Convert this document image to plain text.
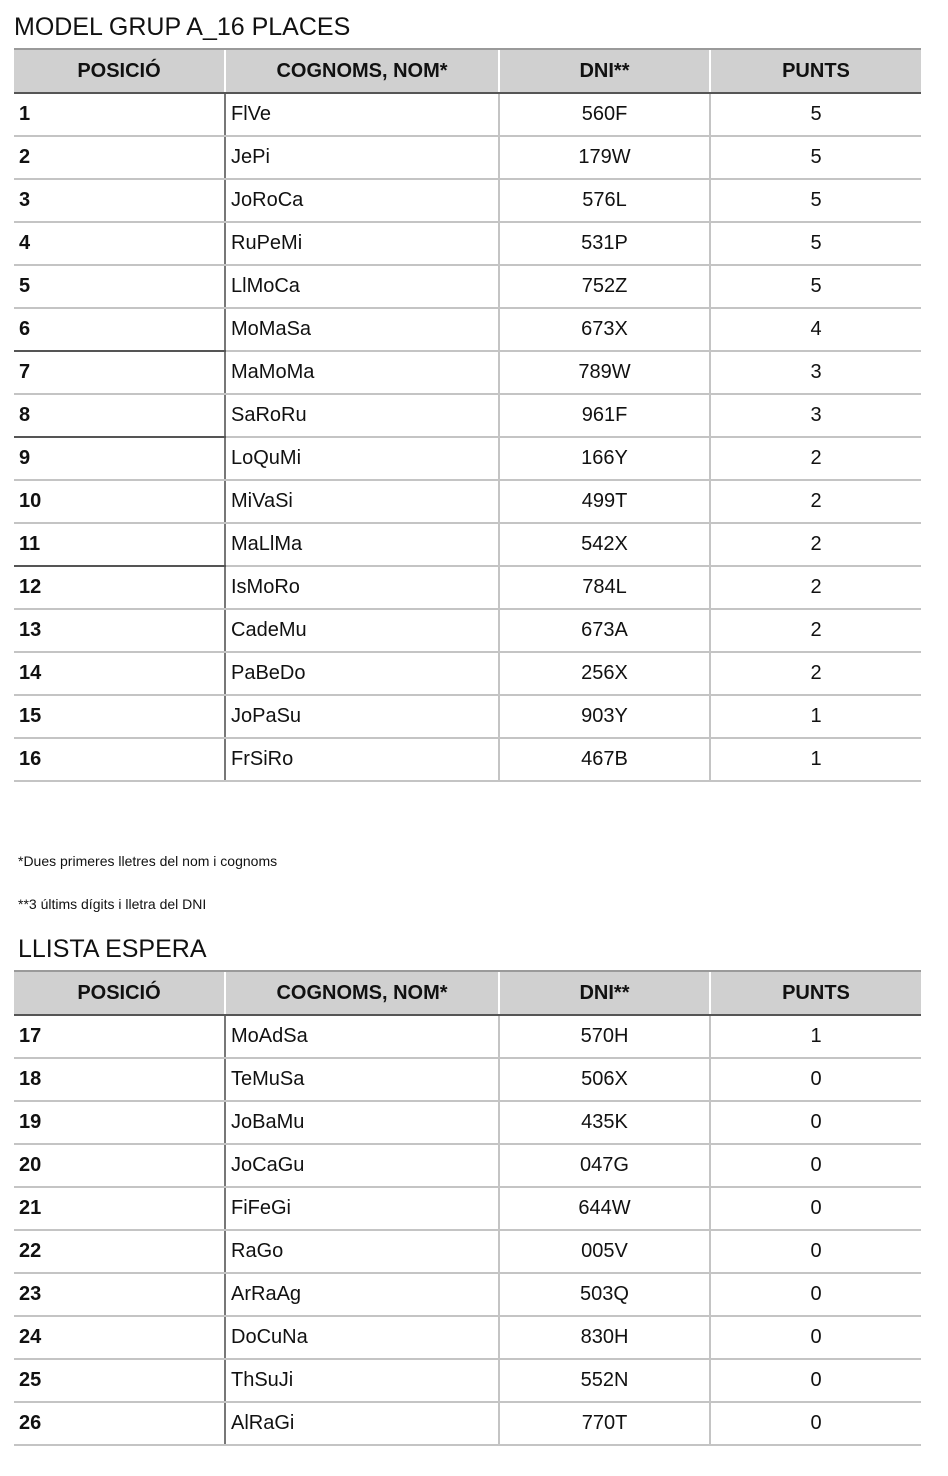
MODEL GRUP A_16 PLACES
POSICIÓ	COGNOMS, NOM*	DNI**	PUNTS
1	FlVe	560F	5
2	JePi	179W	5
3	JoRoCa	576L	5
4	RuPeMi	531P	5
5	LlMoCa	752Z	5
6	MoMaSa	673X	4
7	MaMoMa	789W	3
8	SaRoRu	961F	3
9	LoQuMi	166Y	2
10	MiVaSi	499T	2
11	MaLlMa	542X	2
12	IsMoRo	784L	2
13	CadeMu	673A	2
14	PaBeDo	256X	2
15	JoPaSu	903Y	1
16	FrSiRo	467B	1

*Dues primeres lletres del nom i cognoms

**3 últims dígits i lletra del DNI

LLISTA ESPERA
POSICIÓ	COGNOMS, NOM*	DNI**	PUNTS
17	MoAdSa	570H	1
18	TeMuSa	506X	0
19	JoBaMu	435K	0
20	JoCaGu	047G	0
21	FiFeGi	644W	0
22	RaGo	005V	0
23	ArRaAg	503Q	0
24	DoCuNa	830H	0
25	ThSuJi	552N	0
26	AlRaGi	770T	0
